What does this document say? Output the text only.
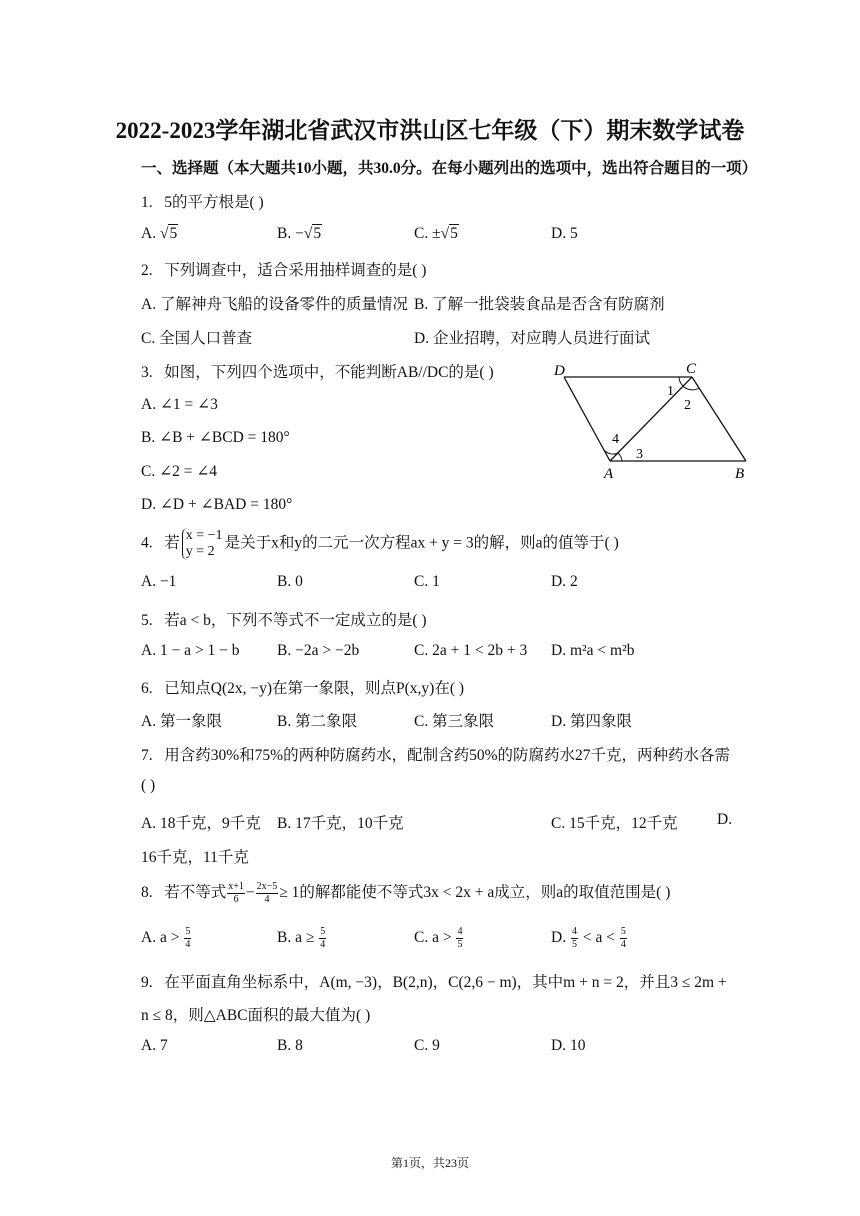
2022-2023学年湖北省武汉市洪山区七年级（下）期末数学试卷
一、选择题（本大题共10小题，共30.0分。在每小题列出的选项中，选出符合题目的一项）
1. 5的平方根是( )
A. √5	B. −√5	C. ±√5	D. 5
2. 下列调查中，适合采用抽样调查的是( )
A. 了解神舟飞船的设备零件的质量情况 B. 了解一批袋装食品是否含有防腐剂
C. 全国人口普查	D. 企业招聘，对应聘人员进行面试
3. 如图，下列四个选项中，不能判断AB//DC的是( )
A. ∠1 = ∠3
B. ∠B + ∠BCD = 180°
C. ∠2 = ∠4
D. ∠D + ∠BAD = 180°
D	C
A	B
1
2
3
4
4. 若 x = −1
y = 2 是关于x和y的二元一次方程ax + y = 3的解，则a的值等于( )
A. −1	B. 0	C. 1	D. 2
5. 若a < b，下列不等式不一定成立的是( )
A. 1 − a > 1 − b B. −2a > −2b	C. 2a + 1 < 2b + 3 D. m²a < m²b
6. 已知点Q(2x, −y)在第一象限，则点P(x,y)在( )
A. 第一象限	B. 第二象限	C. 第三象限	D. 第四象限
7. 用含药30%和75%的两种防腐药水，配制含药50%的防腐药水27千克，两种药水各需
( )
A. 18千克，9千克 B. 17千克，10千克	C. 15千克，12千克	D.
16千克，11千克
8. 若不等式 $\frac{x+1}{6} - \frac{2x-5}{4} \ge 1$的解都能使不等式3x < 2x + a成立，则a的取值范围是( )
A. $a > \frac{5}{4}$	B. $a \ge \frac{5}{4}$	C. $a > \frac{4}{5}$	D. $\frac{4}{5} < a < \frac{5}{4}$
9. 在平面直角坐标系中，A(m, −3)，B(2,n)，C(2,6 − m)，其中m + n = 2，并且3 ≤ 2m +
n ≤ 8，则△ABC面积的最大值为( )
A. 7	B. 8	C. 9	D. 10
第1页，共23页
